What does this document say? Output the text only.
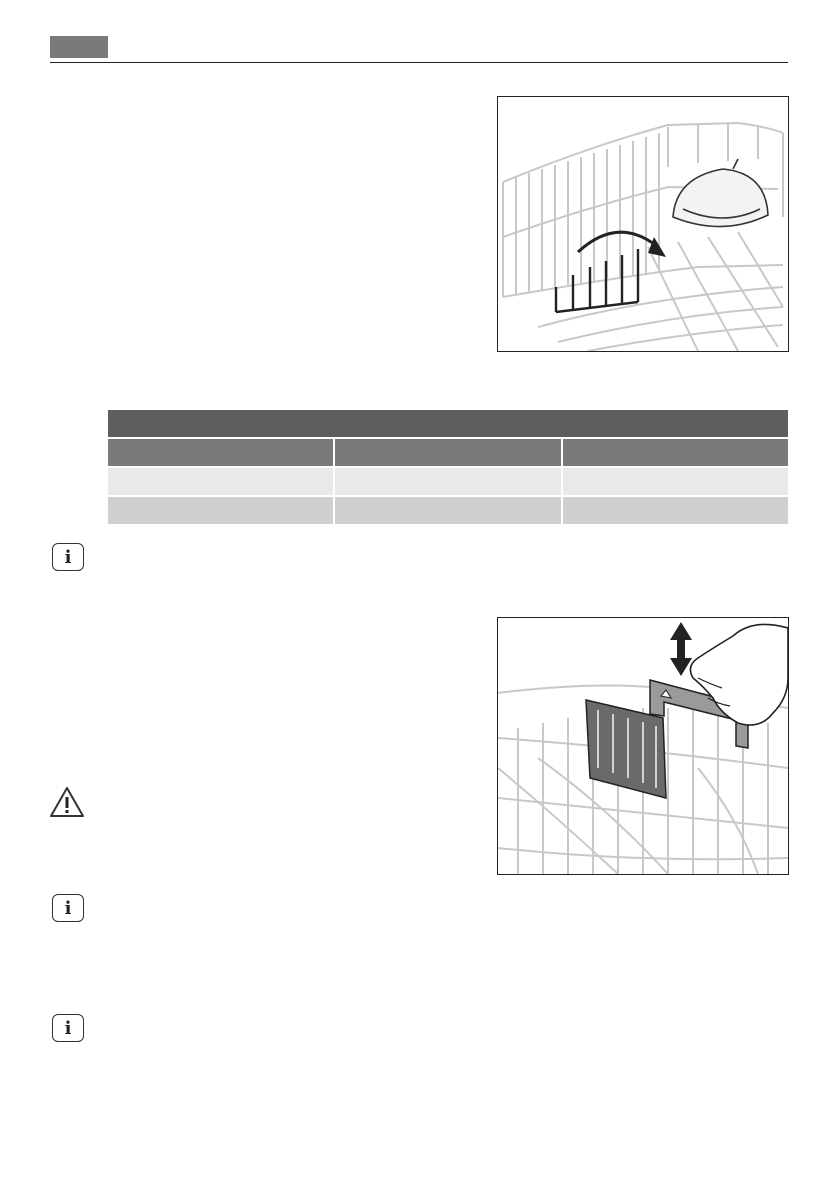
i
i
i
